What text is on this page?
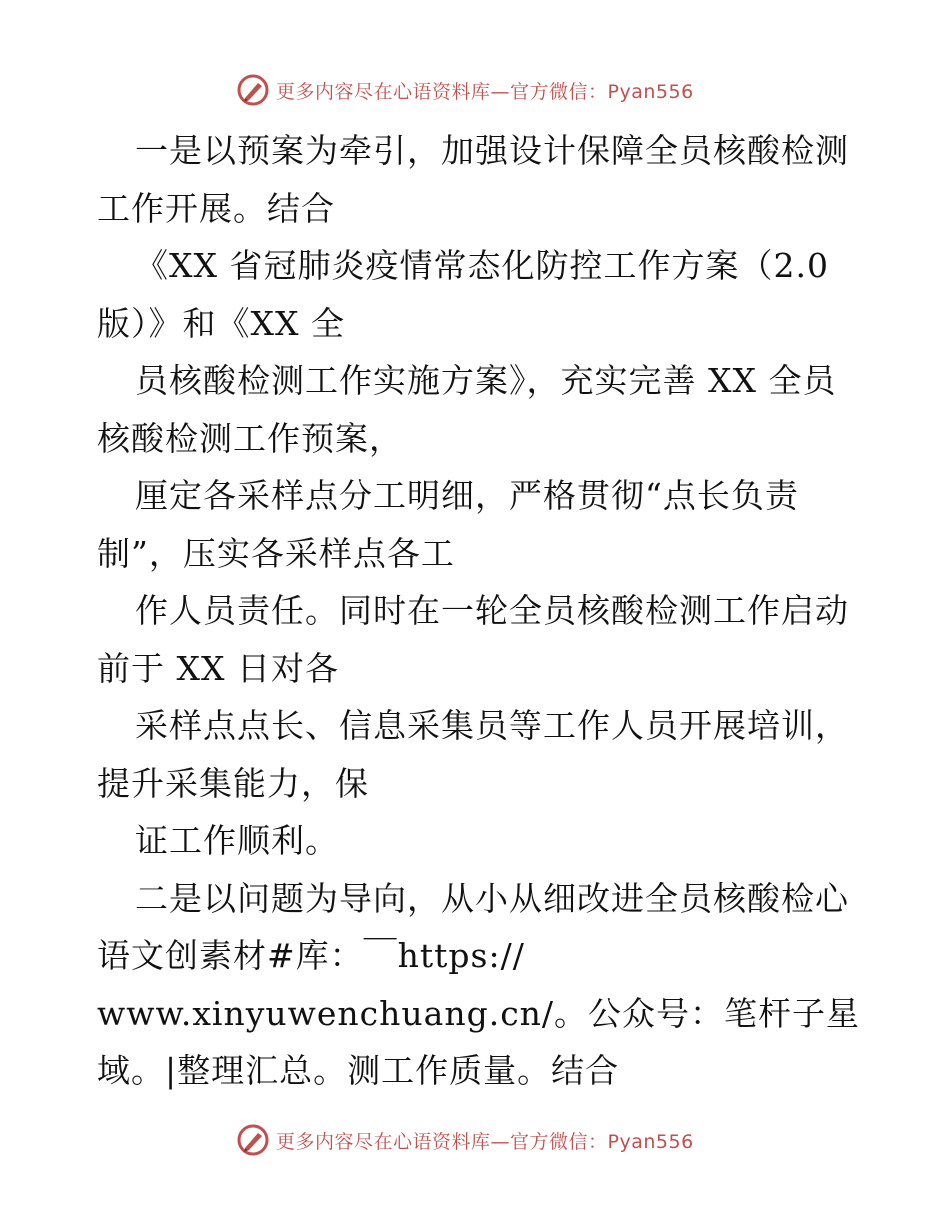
更多内容尽在心语资料库—官方微信：Pyan556
一是以预案为牵引，加强设计保障全员核酸检测
工作开展。结合
《XX 省冠肺炎疫情常态化防控工作方案（2.0
版）》和《XX 全
员核酸检测工作实施方案》，充实完善 XX 全员
核酸检测工作预案，
厘定各采样点分工明细，严格贯彻“点长负责
制”，压实各采样点各工
作人员责任。同时在一轮全员核酸检测工作启动
前于 XX 日对各
采样点点长、信息采集员等工作人员开展培训，
提升采集能力，保
证工作顺利。
二是以问题为导向，从小从细改进全员核酸检心
语文创素材#库：￣https://
www.xinyuwenchuang.cn/。公众号：笔杆子星
域。|整理汇总。测工作质量。结合
更多内容尽在心语资料库—官方微信：Pyan556
